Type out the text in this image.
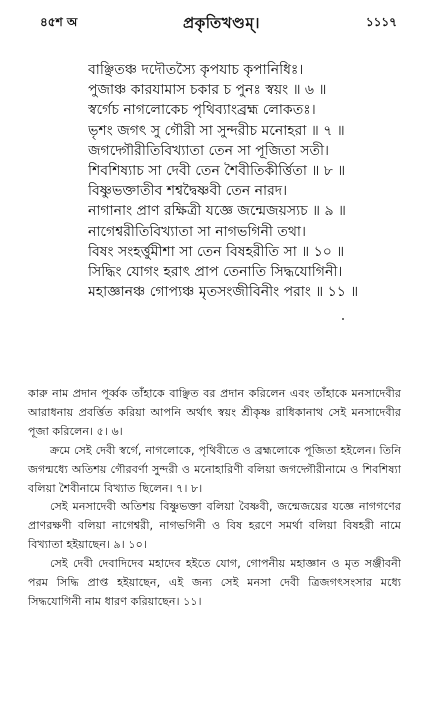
৪৫শ অ	প্রকৃতিখণ্ডম্।	১১১৭
বাঞ্ছিতঞ্চ দদৌতস্যৈ কৃপযাচ কৃপানিধিঃ।
পুজাঞ্চ কারযামাস চকার চ পুনঃ স্বয়ং ॥ ৬ ॥
স্বর্গেচ নাগলোকেচ পৃথিব্যাংব্রহ্ম লোকতঃ।
ভৃশং জগৎ সু গৌরী সা সুন্দরীচ মনোহরা ॥ ৭ ॥
জগদ্গৌরীতিবিখ্যাতা তেন সা পূজিতা সতী।
শিবশিষ্যাচ সা দেবী তেন শৈবীতিকীর্ত্তিতা ॥ ৮ ॥
বিষ্ণুভক্তাতীব শশ্বদ্বৈষ্ণবী তেন নারদ।
নাগানাং প্রাণ রক্ষিত্রী যজ্ঞে জন্মেজয়স্যচ ॥ ৯ ॥
নাগেশ্বরীতিবিখ্যাতা সা নাগভগিনী তথা।
বিষং সংহর্ত্তুমীশা সা তেন বিষহরীতি সা ॥ ১০ ॥
সিদ্ধিং যোগং হরাৎ প্রাপ তেনাতি সিদ্ধযোগিনী।
মহাজ্ঞানঞ্চ গোপ্যঞ্চ মৃতসংজীবিনীং পরাং ॥ ১১ ॥

কারু নাম প্রদান পূর্ব্বক তাঁহাকে বাঞ্ছিত বর প্রদান করিলেন এবং তাঁহাকে মনসাদেবীর আরাধনায় প্রবর্ত্তিত করিয়া আপনি অর্থাৎ স্বয়ং শ্রীকৃষ্ণ রাধিকানাথ সেই মনসাদেবীর পূজা করিলেন। ৫। ৬।

ক্রমে সেই দেবী স্বর্গে, নাগলোকে, পৃথিবীতে ও ব্রহ্মলোকে পূজিতা হইলেন। তিনি জগন্মধ্যে অতিশয় গৌরবর্ণা সুন্দরী ও মনোহারিণী বলিয়া জগদ্গৌরীনামে ও শিবশিষ্যা বলিয়া শৈবীনামে বিখ্যাত ছিলেন। ৭। ৮।

সেই মনসাদেবী অতিশয় বিষ্ণুভক্তা বলিয়া বৈষ্ণবী, জন্মেজয়ের যজ্ঞে নাগগণের প্রাণরক্ষণী বলিয়া নাগেশ্বরী, নাগভগিনী ও বিষ হরণে সমর্থা বলিয়া বিষহরী নামে বিখ্যাতা হইয়াছেন। ৯। ১০।

সেই দেবী দেবাদিদেব মহাদেব হইতে যোগ, গোপনীয় মহাজ্ঞান ও মৃত সঞ্জীবনী পরম সিদ্ধি প্রাপ্ত হইয়াছেন, এই জন্য সেই মনসা দেবী ত্রিজগৎসংসার মধ্যে সিদ্ধযোগিনী নাম ধারণ করিয়াছেন। ১১।
